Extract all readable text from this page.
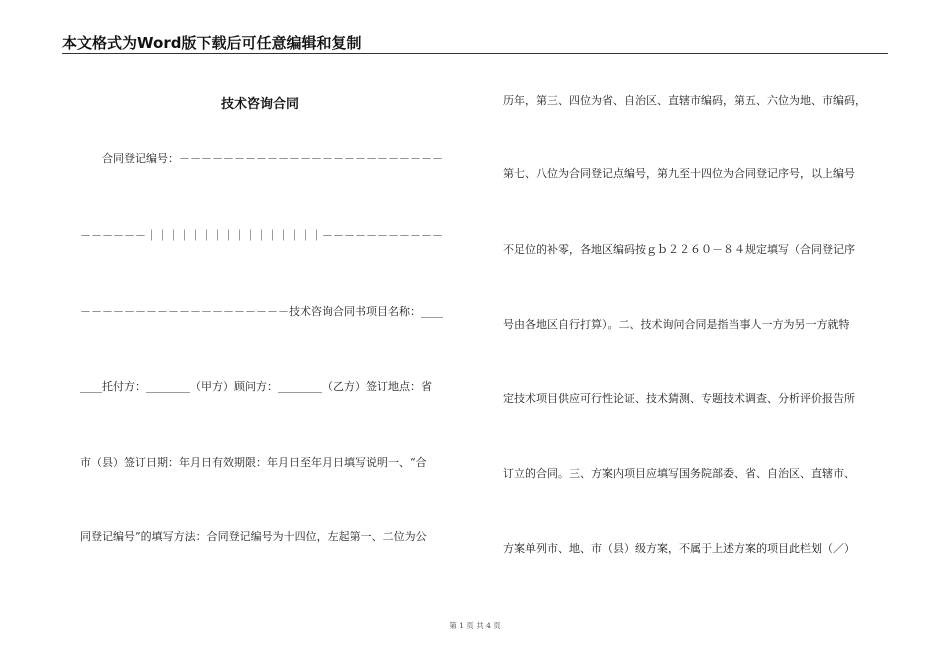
本文格式为Word版下载后可任意编辑和复制
技术咨询合同
合同登记编号：－－－－－－－－－－－－－－－－－－－－－－－－
－－－－－－｜｜｜｜｜｜｜｜｜｜｜｜｜｜｜｜－－－－－－－－－－－
－－－－－－－－－－－－－－－－－－－技术咨询合同书项目名称：____
____托付方：________（甲方）顾问方：________（乙方）签订地点：省
市（县）签订日期：年月日有效期限：年月日至年月日填写说明一、“合
同登记编号”的填写方法：合同登记编号为十四位，左起第一、二位为公
历年，第三、四位为省、自治区、直辖市编码，第五、六位为地、市编码，
第七、八位为合同登记点编号，第九至十四位为合同登记序号，以上编号
不足位的补零，各地区编码按ｇｂ２２６０－８４规定填写（合同登记序
号由各地区自行打算）。二、技术询问合同是指当事人一方为另一方就特
定技术项目供应可行性论证、技术猜测、专题技术调查、分析评价报告所
订立的合同。三、方案内项目应填写国务院部委、省、自治区、直辖市、
方案单列市、地、市（县）级方案，不属于上述方案的项目此栏划（／）
第 1 页 共 4 页
